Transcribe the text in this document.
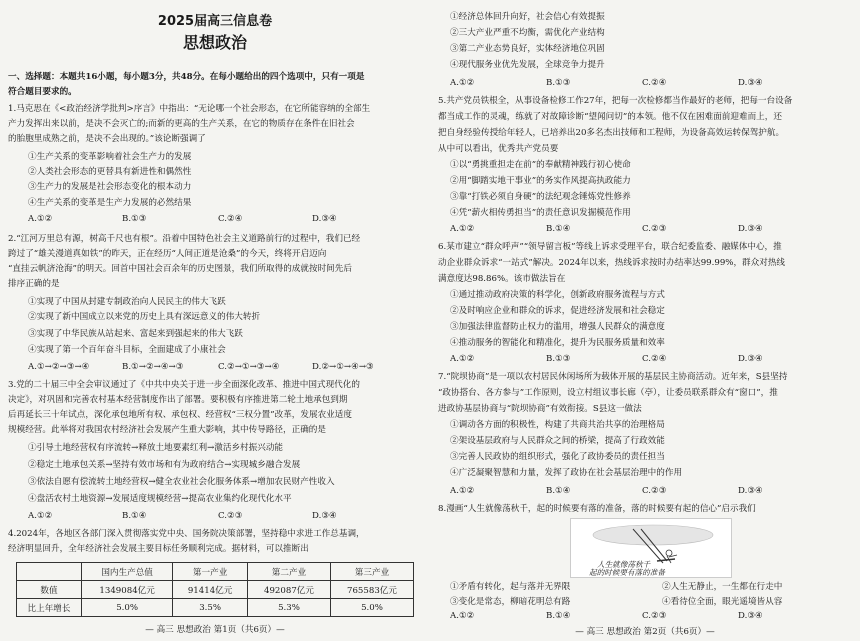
2025届高三信息卷
思想政治
一、选择题：本题共16小题，每小题3分，共48分。在每小题给出的四个选项中，只有一项是
符合题目要求的。
1.马克思在《<政治经济学批判>序言》中指出：“无论哪一个社会形态，在它所能容纳的全部生
产力发挥出来以前，是决不会灭亡的;而新的更高的生产关系，在它的物质存在条件在旧社会
的胎胞里成熟之前，是决不会出现的。”该论断强调了
①生产关系的变革影响着社会生产力的发展
②人类社会形态的更替具有新进性和偶然性
③生产力的发展是社会形态变化的根本动力
④生产关系的变革是生产力发展的必然结果
A.①②	B.①③	C.②④	D.③④
2.“江河万里总有源，树高千尺也有根”。沿着中国特色社会主义道路前行的过程中，我们已经
跨过了“雄关漫道真如铁”的昨天，正在经历“人间正道是沧桑”的今天，终将开启迈向
“直挂云帆济沧海”的明天。回首中国社会百余年的历史图景，我们所取得的成就按时间先后
排序正确的是
①实现了中国从封建专制政治向人民民主的伟大飞跃
②实现了新中国成立以来党的历史上具有深远意义的伟大转折
③实现了中华民族从站起来、富起来到强起来的伟大飞跃
④实现了第一个百年奋斗目标，全面建成了小康社会
A.①→②→③→④	B.①→②→④→③	C.②→①→③→④	D.②→①→④→③
3.党的二十届三中全会审议通过了《中共中央关于进一步全面深化改革、推进中国式现代化的
决定》，对巩固和完善农村基本经营制度作出了部署。要积极有序推进第二轮土地承包到期
后再延长三十年试点，深化承包地所有权、承包权、经营权“三权分置”改革，发展农业适度
规模经营。此举将对我国农村经济社会发展产生重大影响，其中传导路径，正确的是
①引导土地经营权有序流转→释放土地要素红利→激活乡村振兴动能
②稳定土地承包关系→坚持有效市场和有为政府结合→实现城乡融合发展
③依法自愿有偿流转土地经营权→健全农业社会化服务体系→增加农民财产性收入
④盘活农村土地资源→发展适度规模经营→提高农业集约化现代化水平
A.①②	B.①④	C.②③	D.③④
4.2024年，各地区各部门深入贯彻落实党中央、国务院决策部署，坚持稳中求进工作总基调，
经济明显回升，全年经济社会发展主要目标任务顺利完成。据材料，可以推断出
	国内生产总值	第一产业	第二产业	第三产业
数值	1349084亿元	91414亿元	492087亿元	765583亿元
比上年增长	5.0%	3.5%	5.3%	5.0%
— 高三 思想政治 第1页（共6页）—
①经济总体回升向好，社会信心有效提振
②三大产业严重不均衡，需优化产业结构
③第二产业态势良好，实体经济地位巩固
④现代服务业优先发展，全球竞争力提升
A.①②	B.①③	C.②④	D.③④
5.共产党员铁根全，从事设备检修工作27年，把每一次检修都当作最好的老师，把每一台设备
都当成工作的灵魂，练就了对故障诊断“望闻问切”的本领。他不仅在困难面前迎难而上，还
把自身经验传授给年轻人，已培养出20多名杰出技师和工程师，为设备高效运转保驾护航。
从中可以看出，优秀共产党员要
①以“勇挑重担走在前”的奉献精神践行初心使命
②用“脚踏实地干事业”的务实作风提高执政能力
③靠“打铁必须自身硬”的法纪观念锤炼党性修养
④凭“薪火相传勇担当”的责任意识发掘模范作用
A.①②	B.①④	C.②③	D.③④
6.某市建立“群众呼声”“领导留言板”等线上诉求受理平台，联合纪委监委、融媒体中心，推
动企业群众诉求“一站式”解决。2024年以来，热线诉求按时办结率达99.99%，群众对热线
满意度达98.86%。该市做法旨在
①通过推动政府决策的科学化，创新政府服务流程与方式
②及时响应企业和群众的诉求，促进经济发展和社会稳定
③加强法律监督防止权力的滥用，增强人民群众的满意度
④推动服务的智能化和精准化，提升为民服务质量和效率
A.①②	B.①③	C.②④	D.③④
7.“院坝协商”是一项以农村居民休闲场所为载体开展的基层民主协商活动。近年来，S县坚持
“政协搭台、各方参与”工作原则，设立村组议事长廊（亭），让委员联系群众有“窗口”，推
进政协基层协商与“院坝协商”有效衔接。S县这一做法
①调动各方面的积极性，构建了共商共治共享的治理格局
②架设基层政府与人民群众之间的桥梁，提高了行政效能
③完善人民政协的组织形式，强化了政协委员的责任担当
④广泛凝聚智慧和力量，发挥了政协在社会基层治理中的作用
A.①②	B.①④	C.②③	D.③④
8.漫画“人生就像荡秋千，起的时候要有落的准备，落的时候要有起的信心”启示我们
人生就像荡秋千
起的时候要有落的准备
①矛盾有转化，起与落并无界限	②人生无静止，一生都在行走中
③变化是常态，柳暗花明总有路	④看待位全面，眼光遥境皆从容
A.①②	B.①④	C.②③	D.③④
— 高三 思想政治 第2页（共6页）—
